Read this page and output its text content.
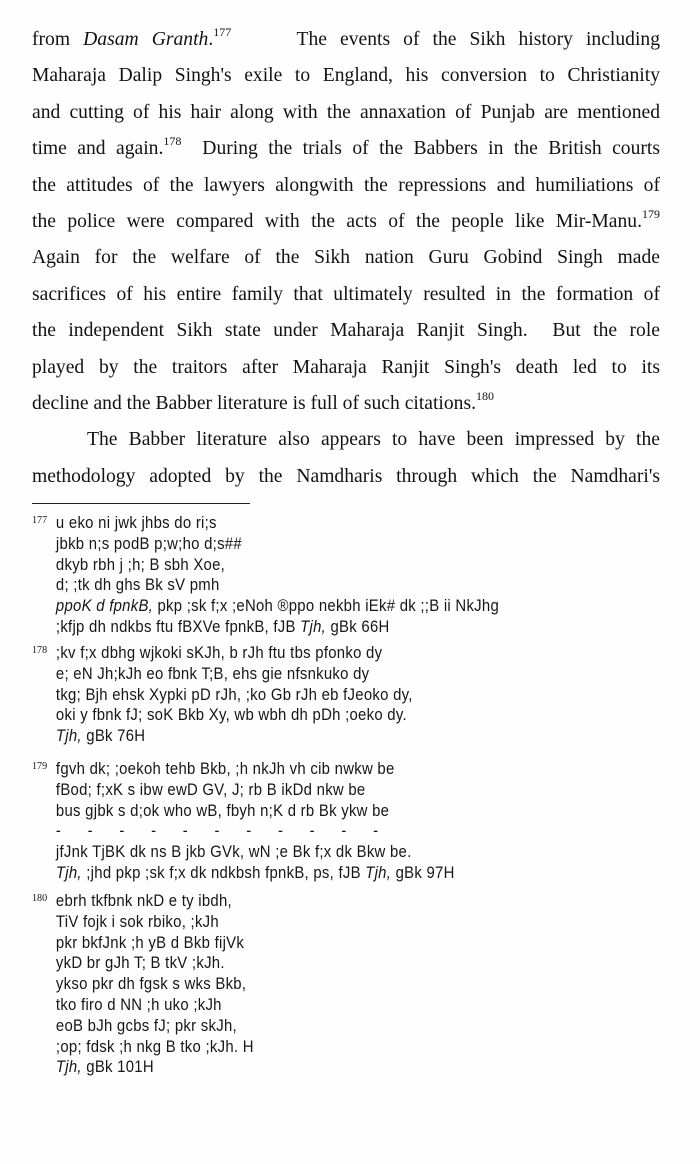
from Dasam Granth.$^{177}$     The events of the Sikh history including
Maharaja Dalip Singh's exile to England, his conversion to Christianity
and cutting of his hair along with the annaxation of Punjab are mentioned
time and again.$^{178}$  During the trials of the Babbers in the British courts
the attitudes of the lawyers alongwith the repressions and humiliations of
the police were compared with the acts of the people like Mir-Manu.$^{179}$
Again for the welfare of the Sikh nation Guru Gobind Singh made
sacrifices of his entire family that ultimately resulted in the formation of
the independent Sikh state under Maharaja Ranjit Singh.  But the role
played by the traitors after Maharaja Ranjit Singh's death led to its
decline and the Babber literature is full of such citations.$^{180}$
The Babber literature also appears to have been impressed by the
methodology adopted by the Namdharis through which the Namdhari's
177 u eko ni jwk jhbs do ri;s
jbkb n;s podB p;w;ho d;s##
dkyb rbh j ;h; B sbh Xoe,
d; ;tk dh ghs Bk sV pmh
ppoK d fpnkB, pkp ;sk f;x ;eNoh ®ppo nekbh iEk# dk ;;B ii NkJhg
;kfjp dh ndkbs ftu fBXVe fpnkB, fJB Tjh, gBk 66H
178 ;kv f;x dbhg wjkoki sKJh, b rJh ftu tbs pfonko dy
e; eN Jh;kJh eo fbnk T;B, ehs gie nfsnkuko dy
tkg; Bjh ehsk Xypki pD rJh, ;ko Gb rJh eb fJeoko dy,
oki y fbnk fJ; soK Bkb Xy, wb wbh dh pDh ;oeko dy.
Tjh, gBk 76H
179 fgvh dk; ;oekoh tehb Bkb, ;h nkJh vh cib nwkw be
fBod; f;xK s ibw ewD GV, J; rb B ikDd nkw be
bus gjbk s d;ok who wB, fbyh n;K d rb Bk ykw be
-      -      -      -      -      -      -      -      -      -      -
jfJnk TjBK dk ns B jkb GVk, wN ;e Bk f;x dk Bkw be.
Tjh, ;jhd pkp ;sk f;x dk ndkbsh fpnkB, ps, fJB Tjh, gBk 97H
180 ebrh tkfbnk nkD e ty ibdh,
TiV fojk i sok rbiko, ;kJh
pkr bkfJnk ;h yB d Bkb fijVk
ykD br gJh T; B tkV ;kJh.
ykso pkr dh fgsk s wks Bkb,
tko firo d NN ;h uko ;kJh
eoB bJh gcbs fJ; pkr skJh,
;op; fdsk ;h nkg B tko ;kJh. H
Tjh, gBk 101H
